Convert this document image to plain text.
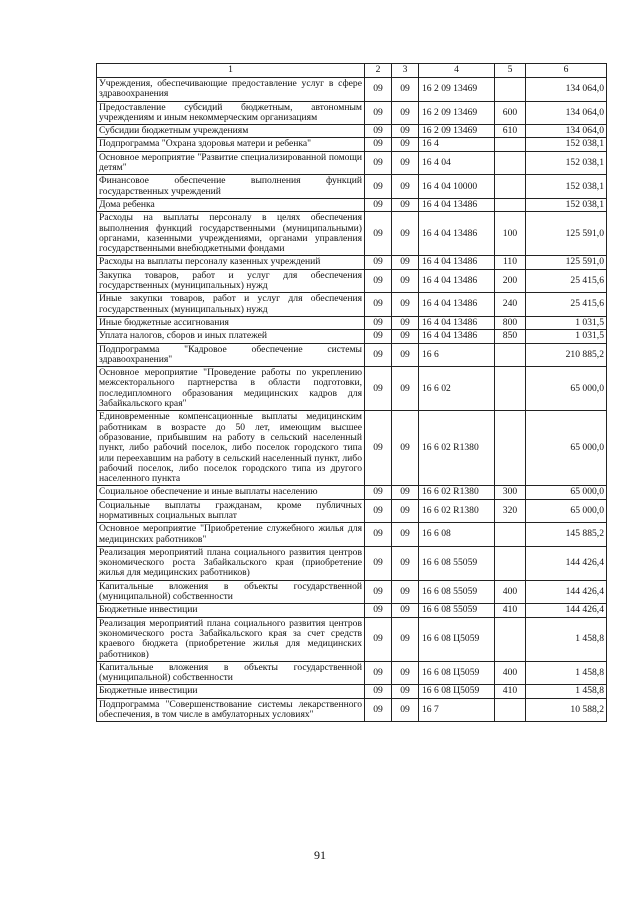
1	2	3	4	5	6
Учреждения, обеспечивающие предоставление услуг в сфере здравоохранения	09	09	16 2 09 13469		134 064,0
Предоставление субсидий бюджетным, автономным учреждениям и иным некоммерческим организациям	09	09	16 2 09 13469	600	134 064,0
Субсидии бюджетным учреждениям	09	09	16 2 09 13469	610	134 064,0
Подпрограмма "Охрана здоровья матери и ребенка"	09	09	16 4		152 038,1
Основное мероприятие "Развитие специализированной помощи детям"	09	09	16 4 04		152 038,1
Финансовое обеспечение выполнения функций государственных учреждений	09	09	16 4 04 10000		152 038,1
Дома ребенка	09	09	16 4 04 13486		152 038,1
Расходы на выплаты персоналу в целях обеспечения выполнения функций государственными (муниципальными) органами, казенными учреждениями, органами управления государственными внебюджетными фондами	09	09	16 4 04 13486	100	125 591,0
Расходы на выплаты персоналу казенных учреждений	09	09	16 4 04 13486	110	125 591,0
Закупка товаров, работ и услуг для обеспечения государственных (муниципальных) нужд	09	09	16 4 04 13486	200	25 415,6
Иные закупки товаров, работ и услуг для обеспечения государственных (муниципальных) нужд	09	09	16 4 04 13486	240	25 415,6
Иные бюджетные ассигнования	09	09	16 4 04 13486	800	1 031,5
Уплата налогов, сборов и иных платежей	09	09	16 4 04 13486	850	1 031,5
Подпрограмма "Кадровое обеспечение системы здравоохранения"	09	09	16 6		210 885,2
Основное мероприятие "Проведение работы по укреплению межсекторального партнерства в области подготовки, последипломного образования медицинских кадров для Забайкальского края"	09	09	16 6 02		65 000,0
Единовременные компенсационные выплаты медицинским работникам в возрасте до 50 лет, имеющим высшее образование, прибывшим на работу в сельский населенный пункт, либо рабочий поселок, либо поселок городского типа или переехавшим на работу в сельский населенный пункт, либо рабочий поселок, либо поселок городского типа из другого населенного пункта	09	09	16 6 02 R1380		65 000,0
Социальное обеспечение и иные выплаты населению	09	09	16 6 02 R1380	300	65 000,0
Социальные выплаты гражданам, кроме публичных нормативных социальных выплат	09	09	16 6 02 R1380	320	65 000,0
Основное мероприятие "Приобретение служебного жилья для медицинских работников"	09	09	16 6 08		145 885,2
Реализация мероприятий плана социального развития центров экономического роста Забайкальского края (приобретение жилья для медицинских работников)	09	09	16 6 08 55059		144 426,4
Капитальные вложения в объекты государственной (муниципальной) собственности	09	09	16 6 08 55059	400	144 426,4
Бюджетные инвестиции	09	09	16 6 08 55059	410	144 426,4
Реализация мероприятий плана социального развития центров экономического роста Забайкальского края за счет средств краевого бюджета (приобретение жилья для медицинских работников)	09	09	16 6 08 Ц5059		1 458,8
Капитальные вложения в объекты государственной (муниципальной) собственности	09	09	16 6 08 Ц5059	400	1 458,8
Бюджетные инвестиции	09	09	16 6 08 Ц5059	410	1 458,8
Подпрограмма "Совершенствование системы лекарственного обеспечения, в том числе в амбулаторных условиях"	09	09	16 7		10 588,2
91
